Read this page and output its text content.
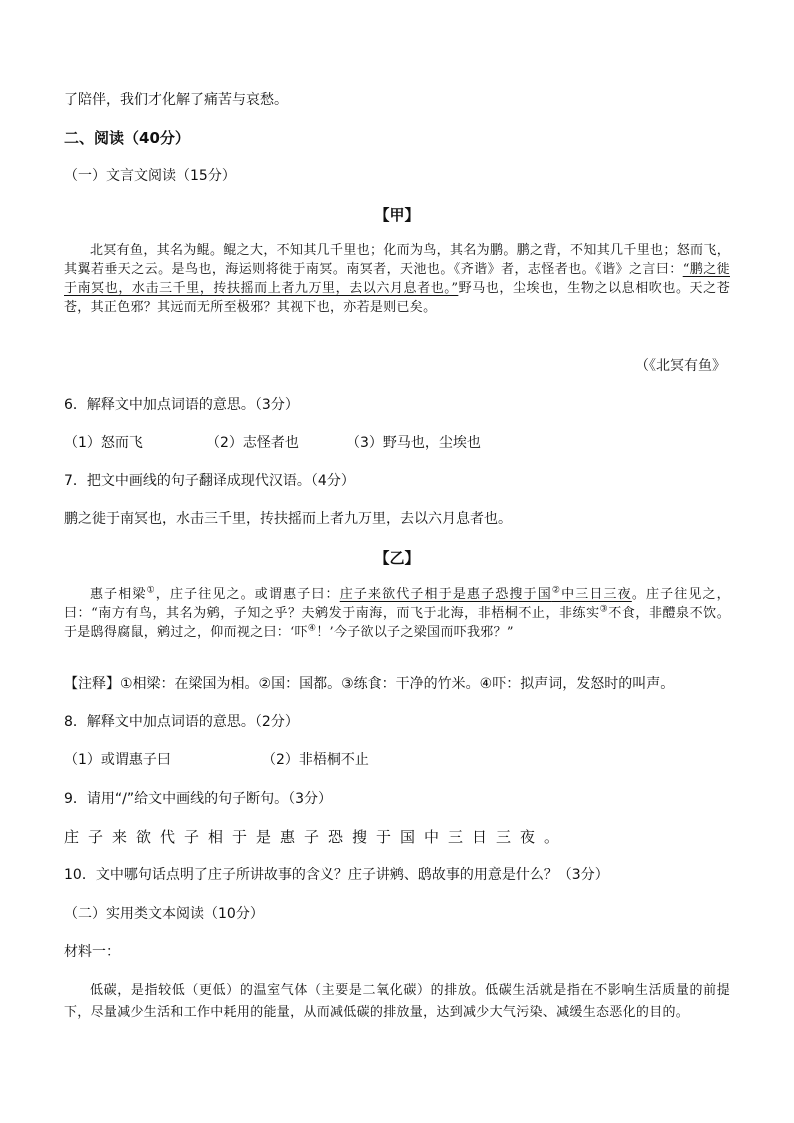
了陪伴，我们才化解了痛苦与哀愁。
二、阅读（40分）
（一）文言文阅读（15分）
【甲】
北冥有鱼，其名为鲲。鲲之大，不知其几千里也；化而为鸟，其名为鹏。鹏之背，不知其几千里也；怒而飞，其翼若垂天之云。是鸟也，海运则将徙于南冥。南冥者，天池也。《齐谐》者，志怪者也。《谐》之言曰：“鹏之徙于南冥也，水击三千里，抟扶摇而上者九万里，去以六月息者也。”野马也，尘埃也，生物之以息相吹也。天之苍苍，其正色邪？其远而无所至极邪？其视下也，亦若是则已矣。
（《北冥有鱼》
6．解释文中加点词语的意思。（3分）
（1）怒而飞	（2）志怪者也	（3）野马也，尘埃也
7．把文中画线的句子翻译成现代汉语。（4分）
鹏之徙于南冥也，水击三千里，抟扶摇而上者九万里，去以六月息者也。
【乙】
惠子相梁①，庄子往见之。或谓惠子曰：庄子来欲代子相于是惠子恐搜于国②中三日三夜。庄子往见之，曰：“南方有鸟，其名为鹓，子知之乎？夫鹓发于南海，而飞于北海，非梧桐不止，非练实③不食，非醴泉不饮。于是鸱得腐鼠，鹓过之，仰而视之曰：‘吓④！’今子欲以子之梁国而吓我邪？”
【注释】①相梁：在梁国为相。②国：国都。③练食：干净的竹米。④吓：拟声词，发怒时的叫声。
8．解释文中加点词语的意思。（2分）
（1）或谓惠子曰	（2）非梧桐不止
9．请用“/”给文中画线的句子断句。（3分）
庄子来欲代子相于是惠子恐搜于国中三日三夜。
10．文中哪句话点明了庄子所讲故事的含义？庄子讲鹓、鸱故事的用意是什么？（3分）
（二）实用类文本阅读（10分）
材料一：
低碳，是指较低（更低）的温室气体（主要是二氧化碳）的排放。低碳生活就是指在不影响生活质量的前提下，尽量减少生活和工作中耗用的能量，从而减低碳的排放量，达到减少大气污染、减缓生态恶化的目的。
